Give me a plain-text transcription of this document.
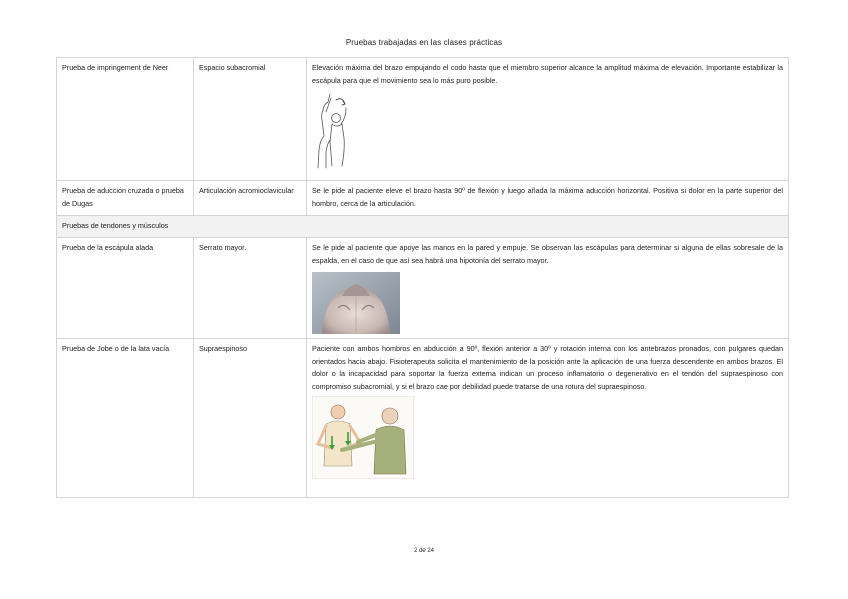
Pruebas trabajadas en las clases prácticas
Prueba de impringement de Neer	Espacio subacromial	Elevación máxima del brazo empujando el codo hasta que el miembro superior alcance la amplitud máxima de elevación. Importante estabilizar la escápula para que el movimiento sea lo más puro posible.

Prueba de aducción cruzada o prueba de Dugas	Articulación acromioclavicular	Se le pide al paciente eleve el brazo hasta 90º de flexión y luego añada la máxima aducción horizontal. Positiva si dolor en la parte superior del hombro, cerca de la articulación.
Pruebas de tendones y músculos		
Prueba de la escápula alada	Serrato mayor.	Se le pide al paciente que apoye las manos en la pared y empuje. Se observan las escápulas para determinar si alguna de ellas sobresale de la espalda, en el caso de que así sea habrá una hipotonía del serrato mayor.

Prueba de Jobe o de la lata vacía	Supraespinoso	Paciente con ambos hombros en abducción a 90º, flexión anterior a 30º y rotación interna con los antebrazos pronados, con pulgares quedan orientados hacia abajo. Fisioterapeuta solicita el mantenimiento de la posición ante la aplicación de una fuerza descendente en ambos brazos. El dolor o la incapacidad para soportar la fuerza externa indican un proceso inflamatorio o degenerativo en el tendón del supraespinoso con compromiso subacromial, y si el brazo cae por debilidad puede tratarse de una rotura del supraespinoso.
2 de 24
